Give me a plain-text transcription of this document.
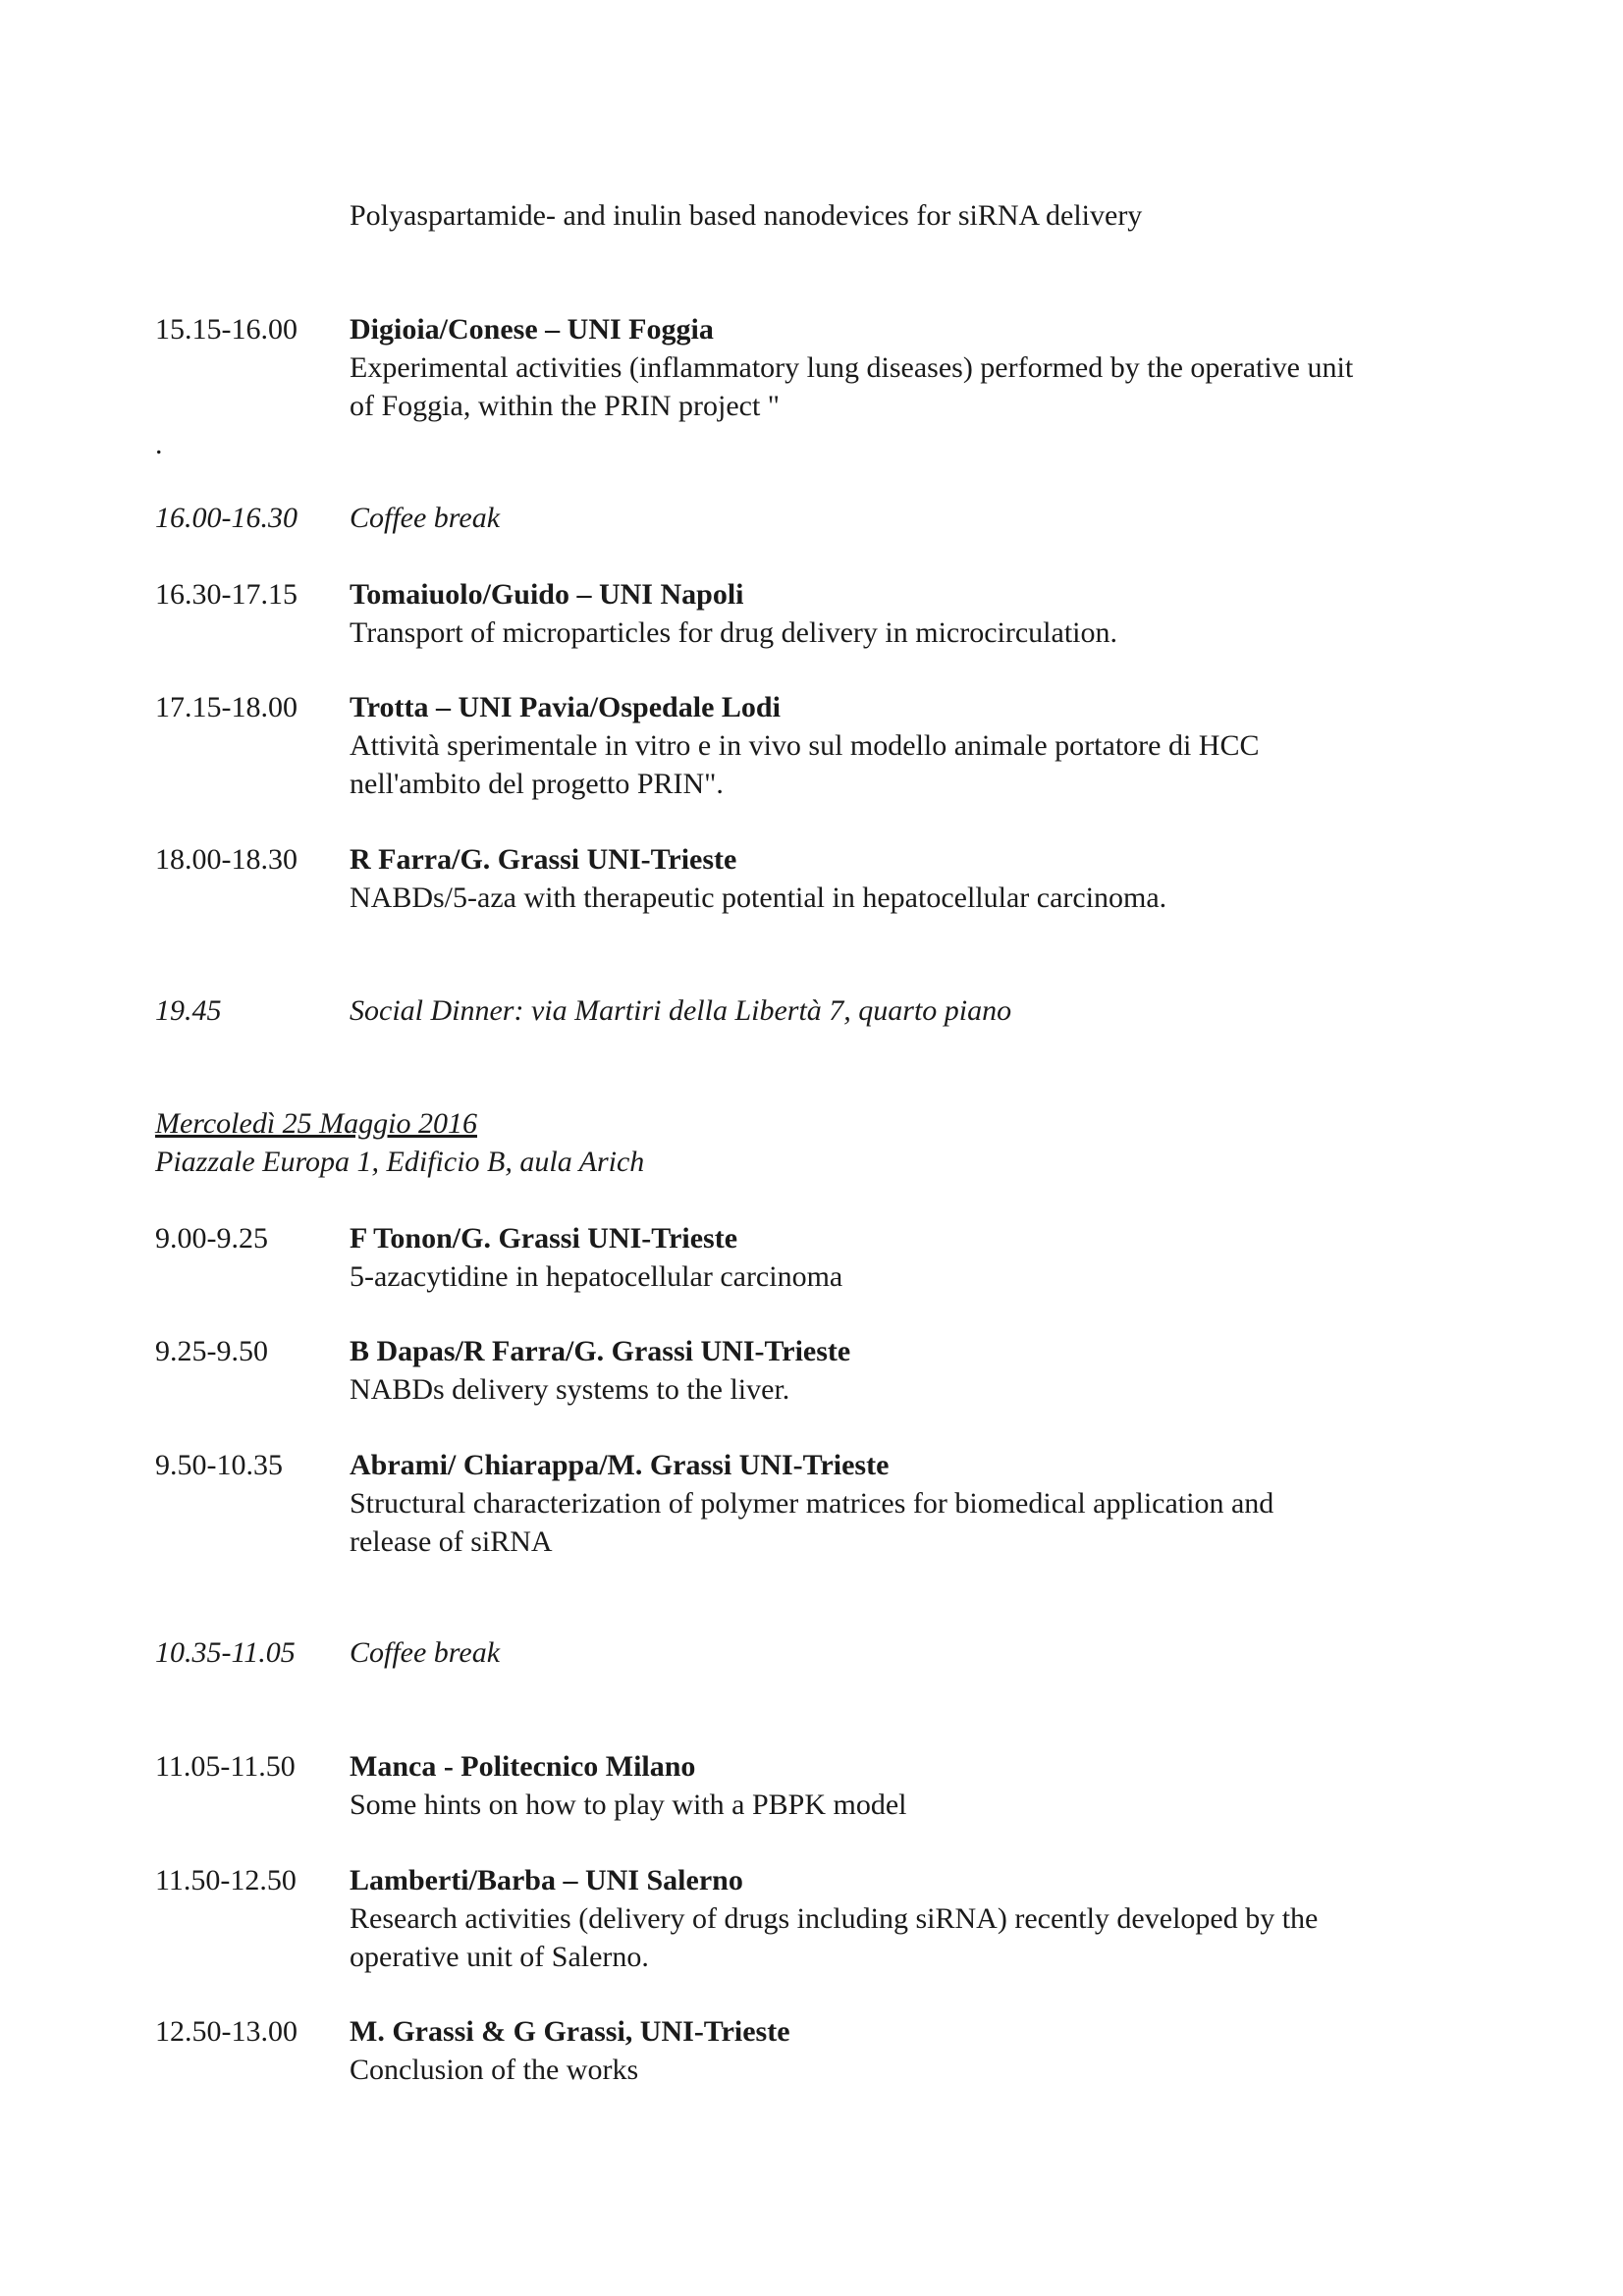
Polyaspartamide- and inulin based nanodevices for siRNA delivery
15.15-16.00 Digioia/Conese – UNI Foggia
Experimental activities (inflammatory lung diseases) performed by the operative unit
of Foggia, within the PRIN project "
.
16.00-16.30 Coffee break
16.30-17.15 Tomaiuolo/Guido – UNI Napoli
Transport of microparticles for drug delivery in microcirculation.
17.15-18.00 Trotta – UNI Pavia/Ospedale Lodi
Attività sperimentale in vitro e in vivo sul modello animale portatore di HCC
nell'ambito del progetto PRIN".
18.00-18.30 R Farra/G. Grassi UNI-Trieste
NABDs/5-aza with therapeutic potential in hepatocellular carcinoma.
19.45	Social Dinner: via Martiri della Libertà 7, quarto piano
Mercoledì 25 Maggio 2016
Piazzale Europa 1, Edificio B, aula Arich
9.00-9.25	F Tonon/G. Grassi UNI-Trieste
5-azacytidine in hepatocellular carcinoma
9.25-9.50	B Dapas/R Farra/G. Grassi UNI-Trieste
NABDs delivery systems to the liver.
9.50-10.35 Abrami/ Chiarappa/M. Grassi UNI-Trieste
Structural characterization of polymer matrices for biomedical application and
release of siRNA
10.35-11.05 Coffee break
11.05-11.50 Manca - Politecnico Milano
Some hints on how to play with a PBPK model
11.50-12.50 Lamberti/Barba – UNI Salerno
Research activities (delivery of drugs including siRNA) recently developed by the
operative unit of Salerno.
12.50-13.00 M. Grassi & G Grassi, UNI-Trieste
Conclusion of the works
